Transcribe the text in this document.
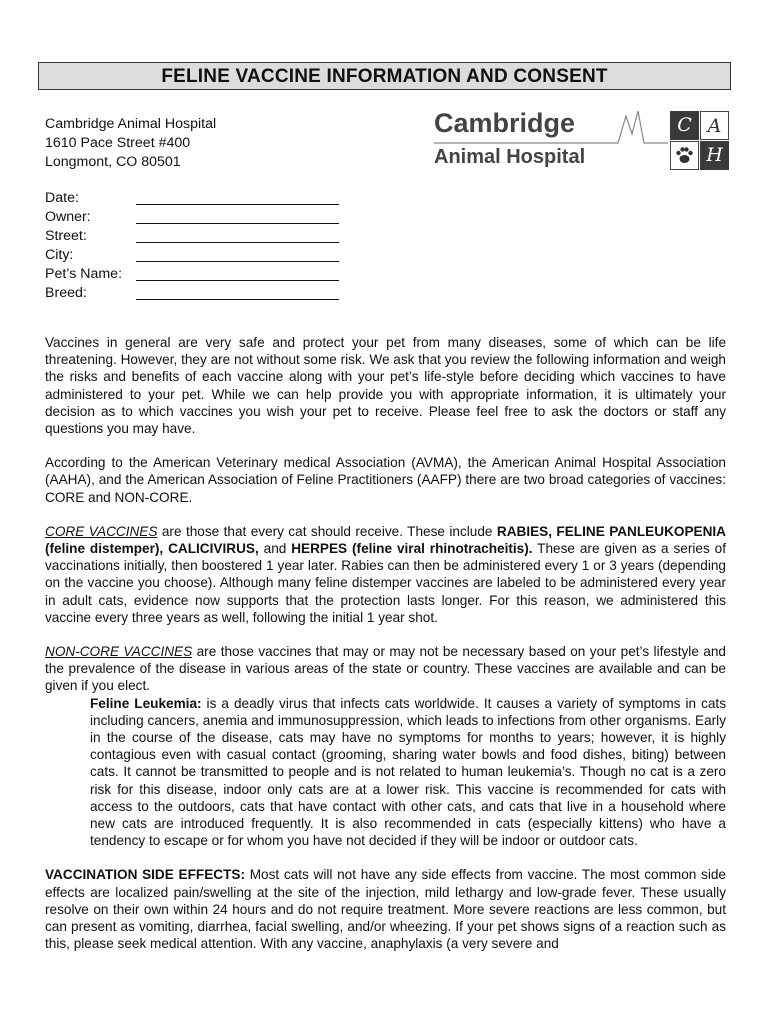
FELINE VACCINE INFORMATION AND CONSENT
Cambridge Animal Hospital
1610 Pace Street #400
Longmont, CO 80501
Cambridge
Animal Hospital
C A
H
Date:
Owner:
Street:
City:
Pet’s Name:
Breed:

Vaccines in general are very safe and protect your pet from many diseases, some of which can be life threatening. However, they are not without some risk. We ask that you review the following information and weigh the risks and benefits of each vaccine along with your pet’s life-style before deciding which vaccines to have administered to your pet. While we can help provide you with appropriate information, it is ultimately your decision as to which vaccines you wish your pet to receive. Please feel free to ask the doctors or staff any questions you may have.

According to the American Veterinary medical Association (AVMA), the American Animal Hospital Association (AAHA), and the American Association of Feline Practitioners (AAFP) there are two broad categories of vaccines: CORE and NON-CORE.

CORE VACCINES are those that every cat should receive. These include RABIES, FELINE PANLEUKOPENIA (feline distemper), CALICIVIRUS, and HERPES (feline viral rhinotracheitis). These are given as a series of vaccinations initially, then boostered 1 year later. Rabies can then be administered every 1 or 3 years (depending on the vaccine you choose). Although many feline distemper vaccines are labeled to be administered every year in adult cats, evidence now supports that the protection lasts longer. For this reason, we administered this vaccine every three years as well, following the initial 1 year shot.

NON-CORE VACCINES are those vaccines that may or may not be necessary based on your pet’s lifestyle and the prevalence of the disease in various areas of the state or country. These vaccines are available and can be given if you elect.

Feline Leukemia: is a deadly virus that infects cats worldwide. It causes a variety of symptoms in cats including cancers, anemia and immunosuppression, which leads to infections from other organisms. Early in the course of the disease, cats may have no symptoms for months to years; however, it is highly contagious even with casual contact (grooming, sharing water bowls and food dishes, biting) between cats. It cannot be transmitted to people and is not related to human leukemia’s. Though no cat is a zero risk for this disease, indoor only cats are at a lower risk. This vaccine is recommended for cats with access to the outdoors, cats that have contact with other cats, and cats that live in a household where new cats are introduced frequently. It is also recommended in cats (especially kittens) who have a tendency to escape or for whom you have not decided if they will be indoor or outdoor cats.

VACCINATION SIDE EFFECTS: Most cats will not have any side effects from vaccine. The most common side effects are localized pain/swelling at the site of the injection, mild lethargy and low-grade fever. These usually resolve on their own within 24 hours and do not require treatment. More severe reactions are less common, but can present as vomiting, diarrhea, facial swelling, and/or wheezing. If your pet shows signs of a reaction such as this, please seek medical attention. With any vaccine, anaphylaxis (a very severe and
